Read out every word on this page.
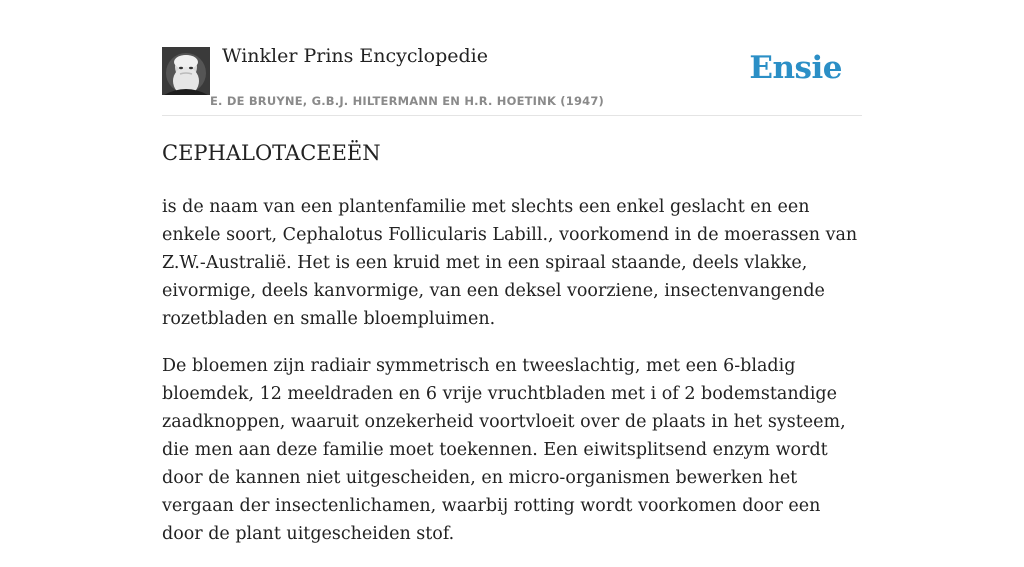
Winkler Prins Encyclopedie
E. DE BRUYNE, G.B.J. HILTERMANN EN H.R. HOETINK (1947)
Ensie
CEPHALOTACEEËN

is de naam van een plantenfamilie met slechts een enkel geslacht en een enkele soort, Cephalotus Follicularis Labill., voorkomend in de moerassen van Z.W.-Australië. Het is een kruid met in een spiraal staande, deels vlakke, eivormige, deels kanvormige, van een deksel voorziene, insectenvangende rozetbladen en smalle bloempluimen.

De bloemen zijn radiair symmetrisch en tweeslachtig, met een 6-bladig bloemdek, 12 meeldraden en 6 vrije vruchtbladen met i of 2 bodemstandige zaadknoppen, waaruit onzekerheid voortvloeit over de plaats in het systeem, die men aan deze familie moet toekennen. Een eiwitsplitsend enzym wordt door de kannen niet uitgescheiden, en micro-organismen bewerken het vergaan der insectenlichamen, waarbij rotting wordt voorkomen door een door de plant uitgescheiden stof.
